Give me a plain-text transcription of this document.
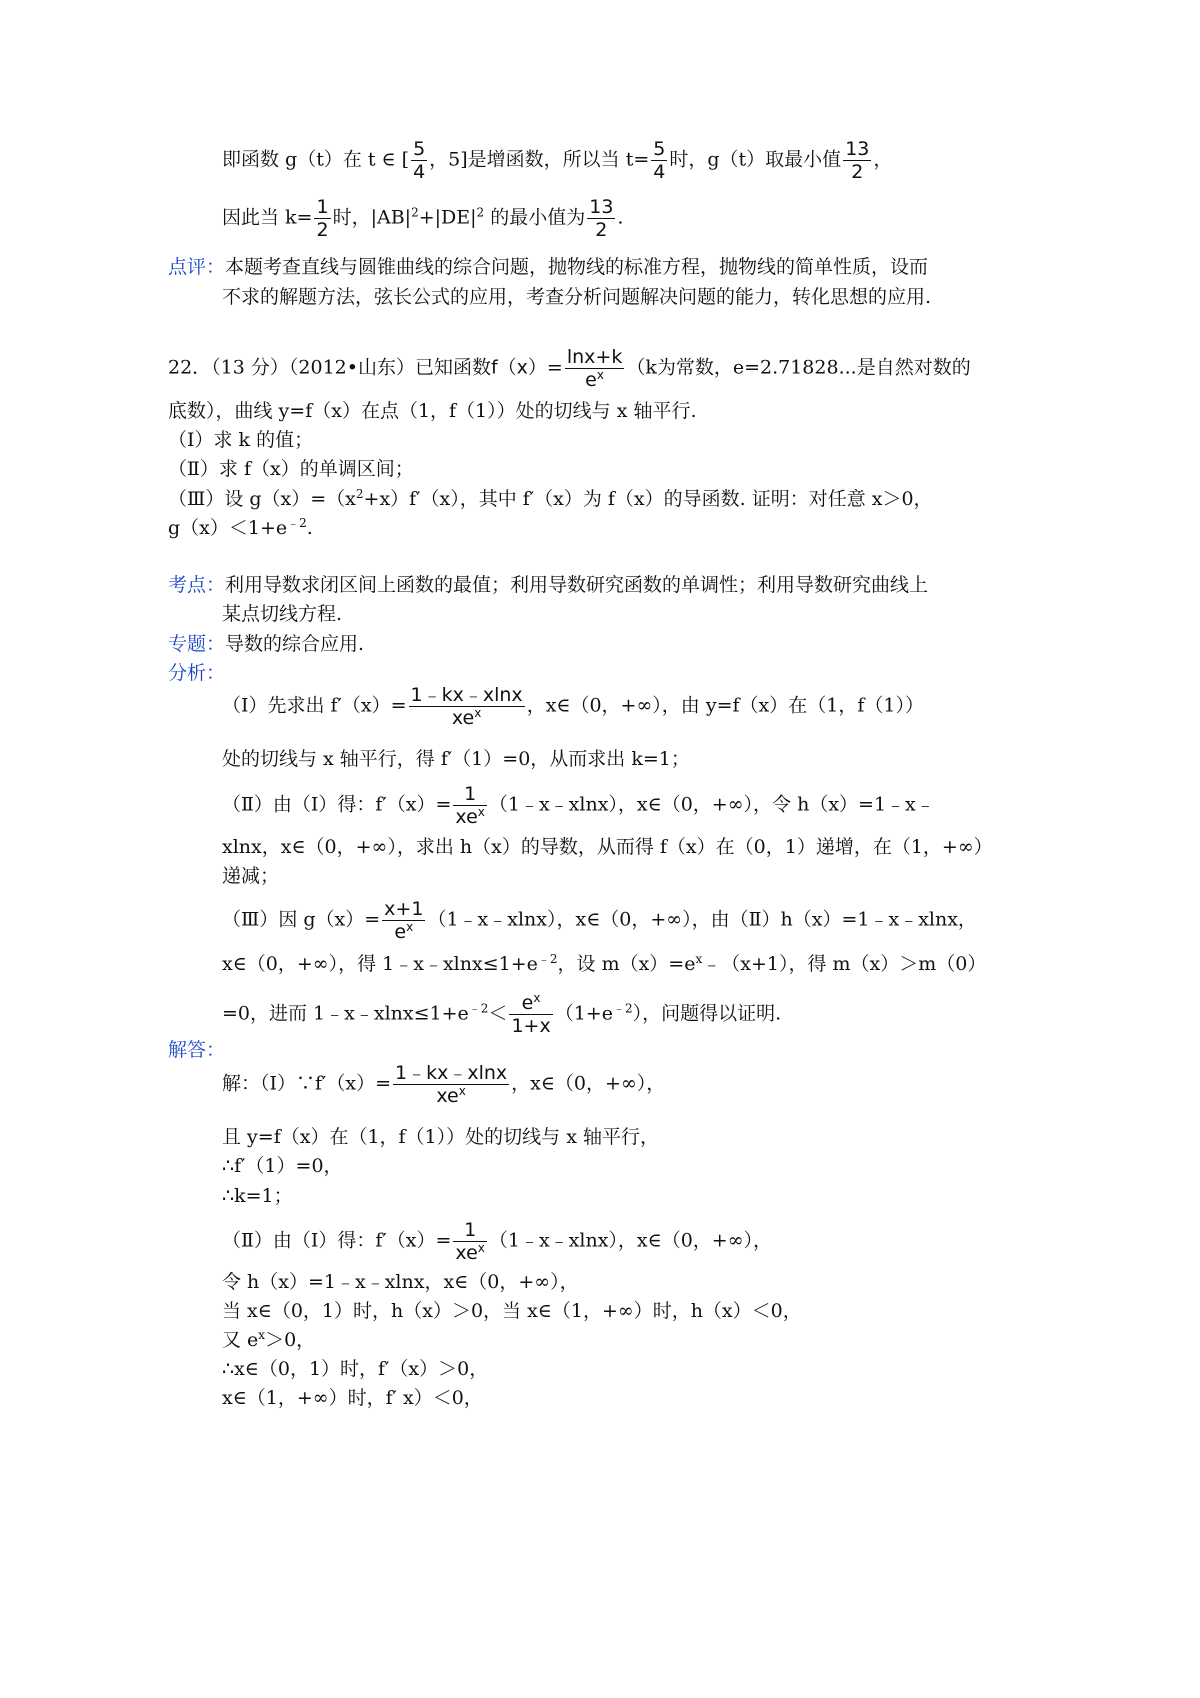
即函数 g（t）在 t ∈ [ $\frac{5}{4}$ ，5]是增函数，所以当 $t= \frac{5}{4}$ 时，g（t）取最小值 $\frac{13}{2}$ ，
因此当 $k= \frac{1}{2}$ 时，$|AB|^2+|DE|^2$ 的最小值为 $\frac{13}{2}$ .
点评：本题考查直线与圆锥曲线的综合问题，抛物线的标准方程，抛物线的简单性质，设而
不求的解题方法，弦长公式的应用，考查分析问题解决问题的能力，转化思想的应用.
22．（13 分）（2012•山东）已知函数$f(x)= \frac{\ln x+k}{e^x} (k$为常数，e=2.71828...是自然对数的
底数），曲线 y=f（x）在点（1，f（1））处的切线与 x 轴平行.
（Ⅰ）求 k 的值；
（Ⅱ）求 f（x）的单调区间；
（Ⅲ）设 $g(x)=(x^2+x)f'(x)$，其中 f′（x）为 f（x）的导函数. 证明：对任意 x＞0，
$g(x)<1+e^{﹣2}$.
考点：利用导数求闭区间上函数的最值；利用导数研究函数的单调性；利用导数研究曲线上
某点切线方程.
专题：导数的综合应用.
分析：
（Ⅰ）先求出 $f'(x)= \frac{1﹣kx﹣xlnx}{xe^x}$ ，x∈（0，+∞），由 y=f（x）在（1，f（1））
处的切线与 x 轴平行，得 f′（1）=0，从而求出 k=1；
（Ⅱ）由（Ⅰ）得：$f'(x)= \frac{1}{xe^x}$ （1﹣x﹣xlnx），x∈（0，+∞），令 h（x）=1﹣x﹣
xlnx，x∈（0，+∞），求出 h（x）的导数，从而得 f（x）在（0，1）递增，在（1，+∞）
递减；
（Ⅲ）因 $g(x)= \frac{x+1}{e^x}$ （1﹣x﹣xlnx），x∈（0，+∞），由（Ⅱ）h（x）=1﹣x﹣xlnx，
x∈（0，+∞），得 $1﹣x﹣xlnx\le 1+e^{﹣2}$，设 $m(x)=e^x﹣(x+1)$，得 m（x）＞m（0）
=0，进而 $1﹣x﹣xlnx\le 1+e^{﹣2}< \frac{e^x}{1+x} (1+e^{﹣2})$，问题得以证明.
解答：
解：（Ⅰ）∵f′（x）= $\frac{1﹣kx﹣xlnx}{xe^x}$ ，x∈（0，+∞），
且 y=f（x）在（1，f（1））处的切线与 x 轴平行，
∴f′（1）=0，
∴k=1；
（Ⅱ）由（Ⅰ）得：$f'(x)= \frac{1}{xe^x}$ （1﹣x﹣xlnx），x∈（0，+∞），
令 h（x）=1﹣x﹣xlnx，x∈（0，+∞），
当 x∈（0，1）时，h（x）＞0，当 x∈（1，+∞）时，h（x）＜0，
又 $e^x>0$，
∴x∈（0，1）时，f′（x）＞0，
x∈（1，+∞）时，f′ x）＜0，
